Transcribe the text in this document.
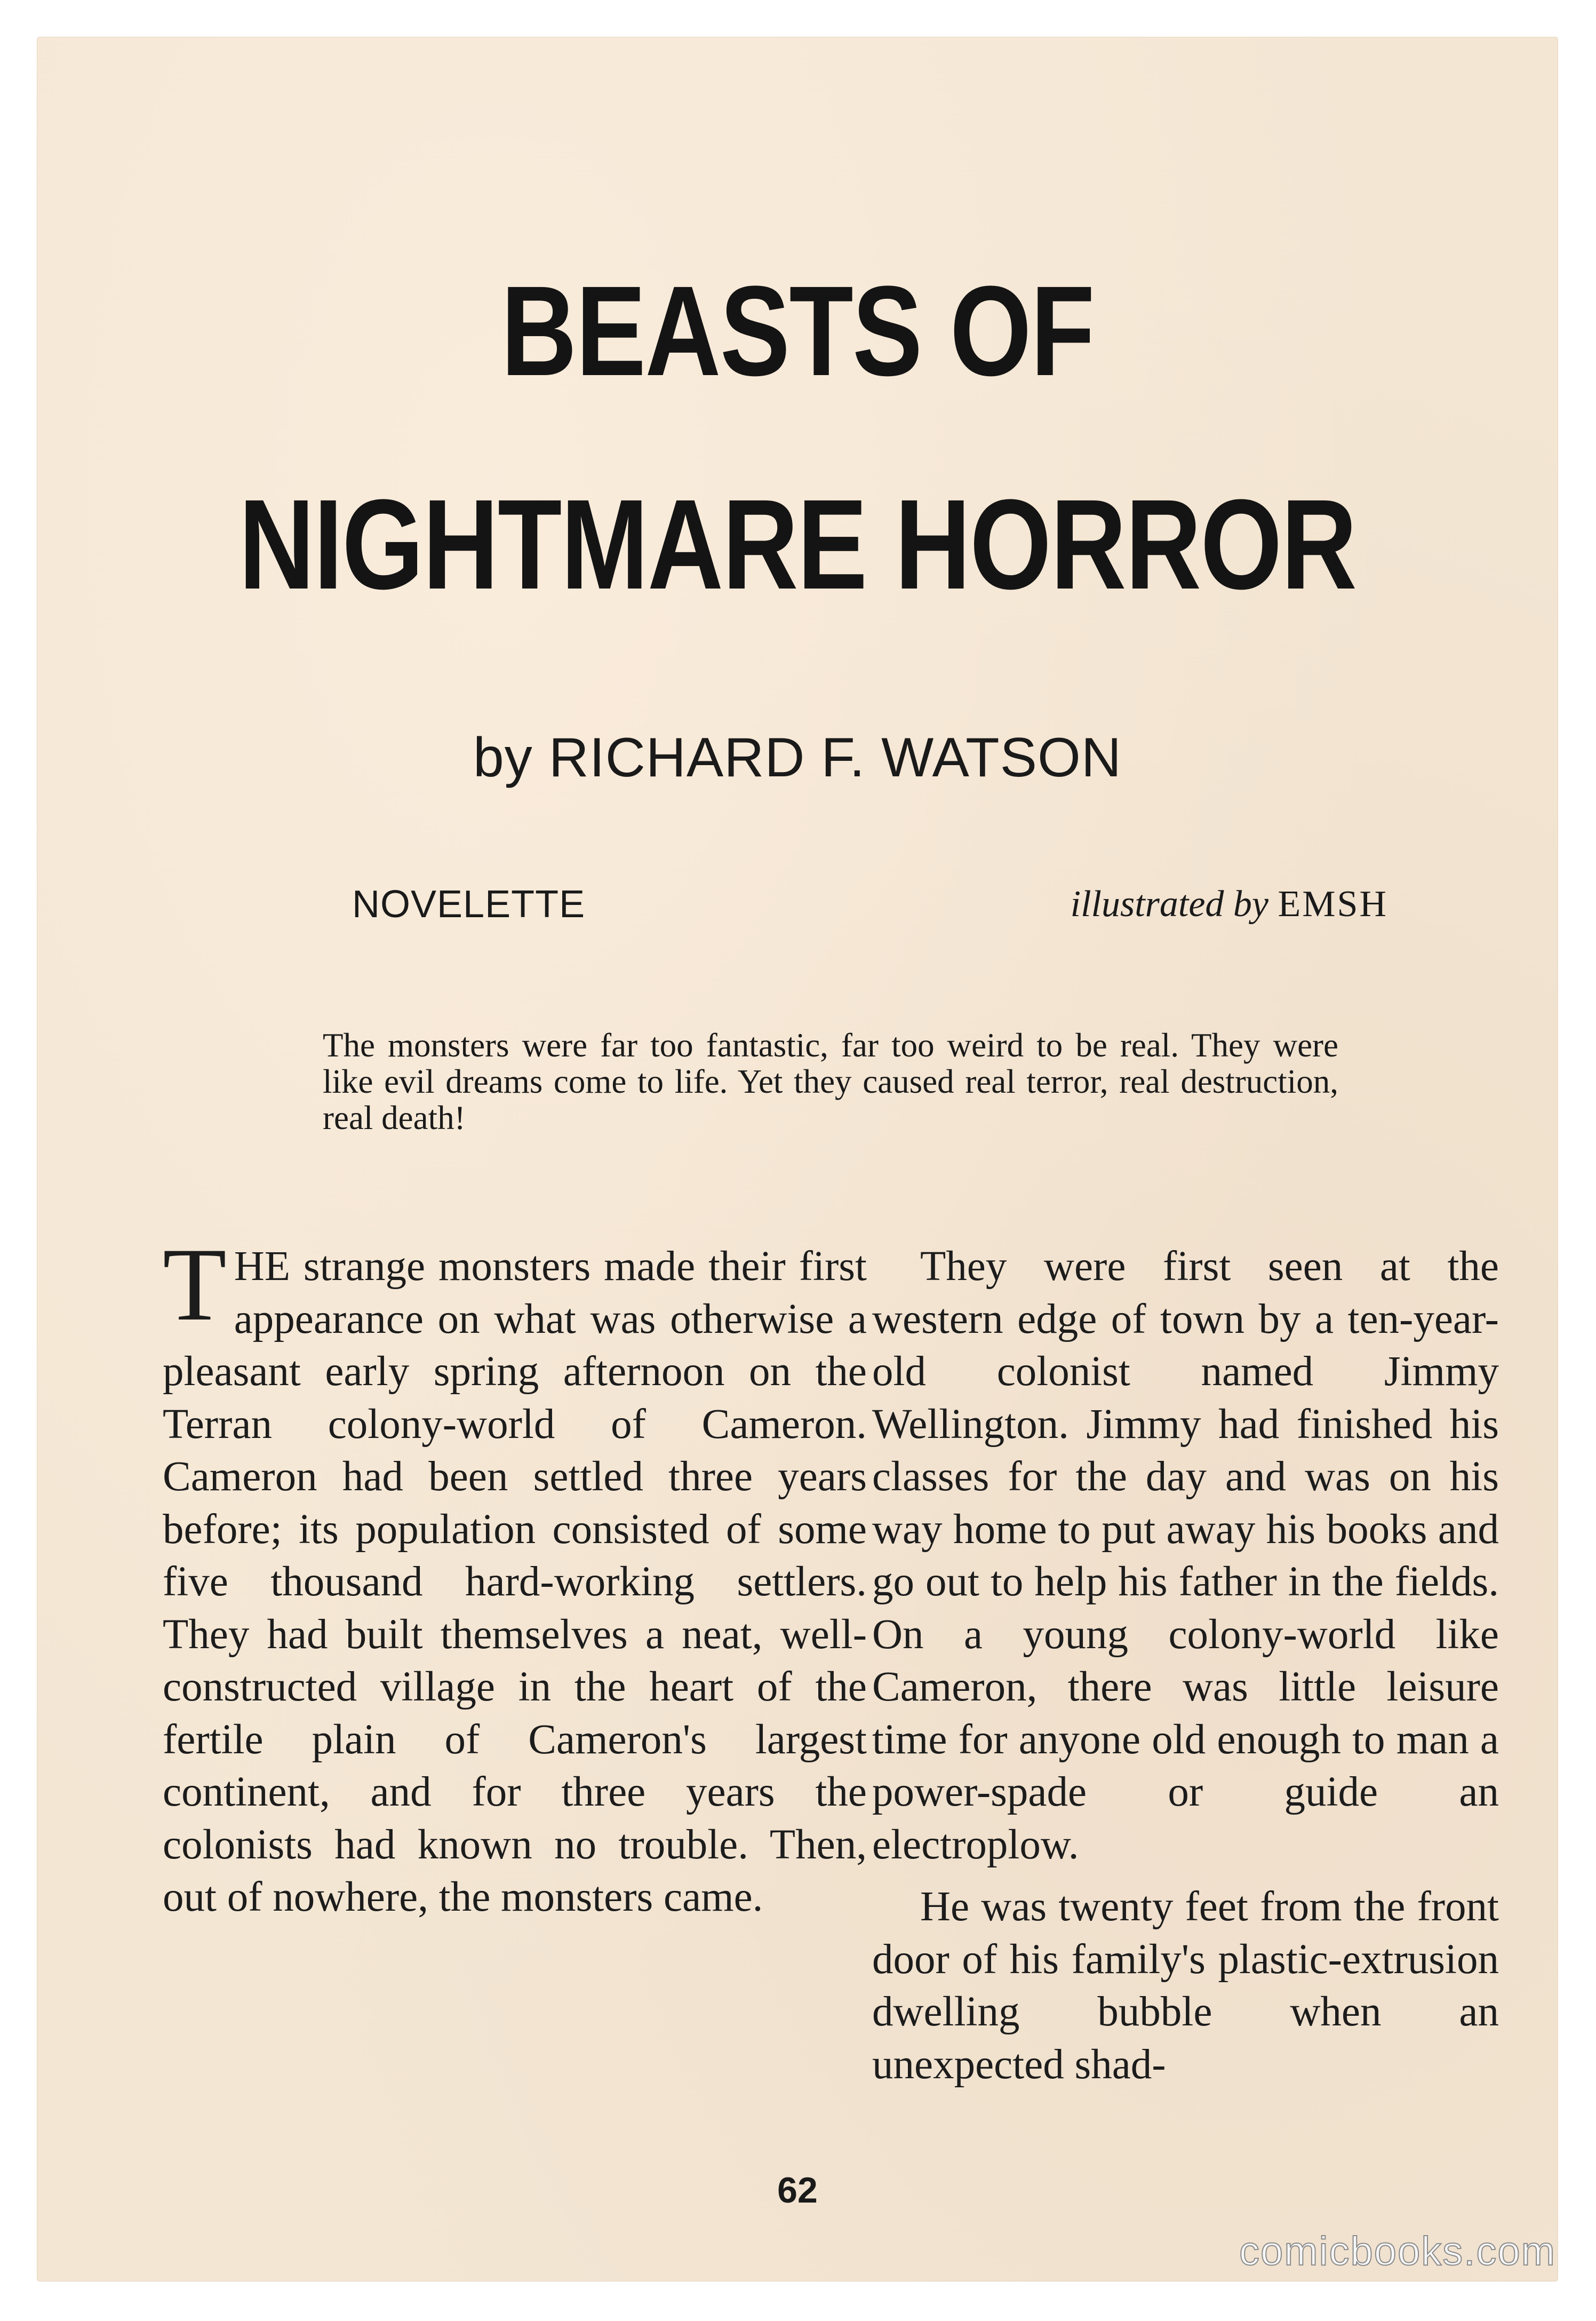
BEASTS OF
NIGHTMARE HORROR
by RICHARD F. WATSON
NOVELETTE	illustrated by EMSH
The monsters were far too fantastic, far too weird to be real. They were like evil dreams come to life. Yet they caused real terror, real destruction, real death!

T HE strange monsters made their first appearance on what was otherwise a pleasant early spring afternoon on the Terran colony-world of Cameron. Cameron had been settled three years before; its population consisted of some five thousand hard-working settlers. They had built themselves a neat, well-constructed village in the heart of the fertile plain of Cameron's largest continent, and for three years the colonists had known no trouble. Then, out of nowhere, the monsters came.

They were first seen at the western edge of town by a ten-year-old colonist named Jimmy Wellington. Jimmy had finished his classes for the day and was on his way home to put away his books and go out to help his father in the fields. On a young colony-world like Cameron, there was little leisure time for anyone old enough to man a power-spade or guide an electroplow.

He was twenty feet from the front door of his family's plastic-extrusion dwelling bubble when an unexpected shad-

62
comicbooks.com
